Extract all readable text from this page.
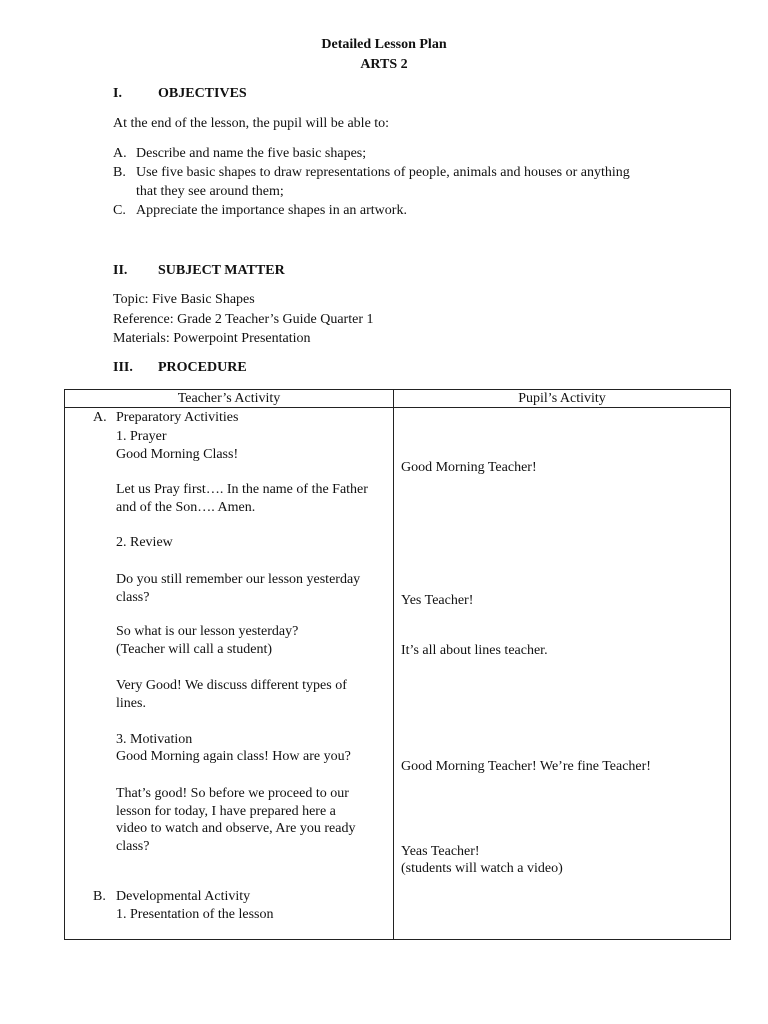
Detailed Lesson Plan
ARTS 2
I.	OBJECTIVES
At the end of the lesson, the pupil will be able to:
A. Describe and name the five basic shapes;
B. Use five basic shapes to draw representations of people, animals and houses or anything
that they see around them;
C. Appreciate the importance shapes in an artwork.
II. SUBJECT MATTER
Topic: Five Basic Shapes
Reference: Grade 2 Teacher’s Guide Quarter 1
Materials: Powerpoint Presentation
III. PROCEDURE
Teacher’s Activity	Pupil’s Activity
A. Preparatory Activities
1. Prayer
Good Morning Class!
Let us Pray first…. In the name of the Father
and of the Son…. Amen.
2. Review
Do you still remember our lesson yesterday
class?
So what is our lesson yesterday?
(Teacher will call a student)
Very Good! We discuss different types of
lines.
3. Motivation
Good Morning again class! How are you?
That’s good! So before we proceed to our
lesson for today, I have prepared here a
video to watch and observe, Are you ready
class?
B. Developmental Activity
1. Presentation of the lesson
Good Morning Teacher!
Yes Teacher!
It’s all about lines teacher.
Good Morning Teacher! We’re fine Teacher!
Yeas Teacher!
(students will watch a video)
